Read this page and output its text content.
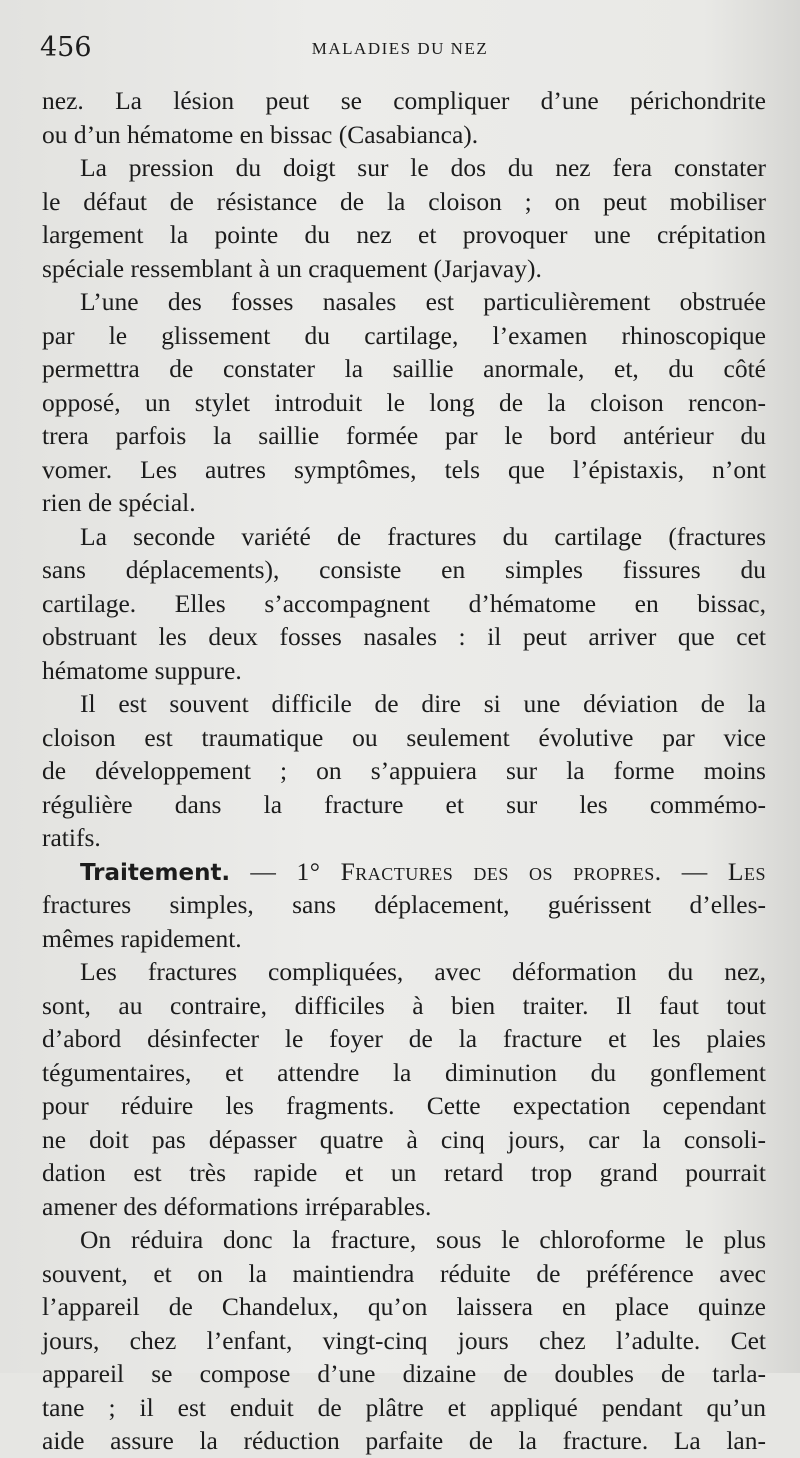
456	MALADIES DU NEZ
nez. La lésion peut se compliquer d’une périchondrite
ou d’un hématome en bissac (Casabianca).
La pression du doigt sur le dos du nez fera constater
le défaut de résistance de la cloison ; on peut mobiliser
largement la pointe du nez et provoquer une crépitation
spéciale ressemblant à un craquement (Jarjavay).
L’une des fosses nasales est particulièrement obstruée
par le glissement du cartilage, l’examen rhinoscopique
permettra de constater la saillie anormale, et, du côté
opposé, un stylet introduit le long de la cloison rencon-
trera parfois la saillie formée par le bord antérieur du
vomer. Les autres symptômes, tels que l’épistaxis, n’ont
rien de spécial.
La seconde variété de fractures du cartilage (fractures
sans déplacements), consiste en simples fissures du
cartilage. Elles s’accompagnent d’hématome en bissac,
obstruant les deux fosses nasales : il peut arriver que cet
hématome suppure.
Il est souvent difficile de dire si une déviation de la
cloison est traumatique ou seulement évolutive par vice
de développement ; on s’appuiera sur la forme moins
régulière dans la fracture et sur les commémo-
ratifs.
Traitement. — 1° Fractures des os propres. — Les
fractures simples, sans déplacement, guérissent d’elles-
mêmes rapidement.
Les fractures compliquées, avec déformation du nez,
sont, au contraire, difficiles à bien traiter. Il faut tout
d’abord désinfecter le foyer de la fracture et les plaies
tégumentaires, et attendre la diminution du gonflement
pour réduire les fragments. Cette expectation cependant
ne doit pas dépasser quatre à cinq jours, car la consoli-
dation est très rapide et un retard trop grand pourrait
amener des déformations irréparables.
On réduira donc la fracture, sous le chloroforme le plus
souvent, et on la maintiendra réduite de préférence avec
l’appareil de Chandelux, qu’on laissera en place quinze
jours, chez l’enfant, vingt-cinq jours chez l’adulte. Cet
appareil se compose d’une dizaine de doubles de tarla-
tane ; il est enduit de plâtre et appliqué pendant qu’un
aide assure la réduction parfaite de la fracture. La lan-
